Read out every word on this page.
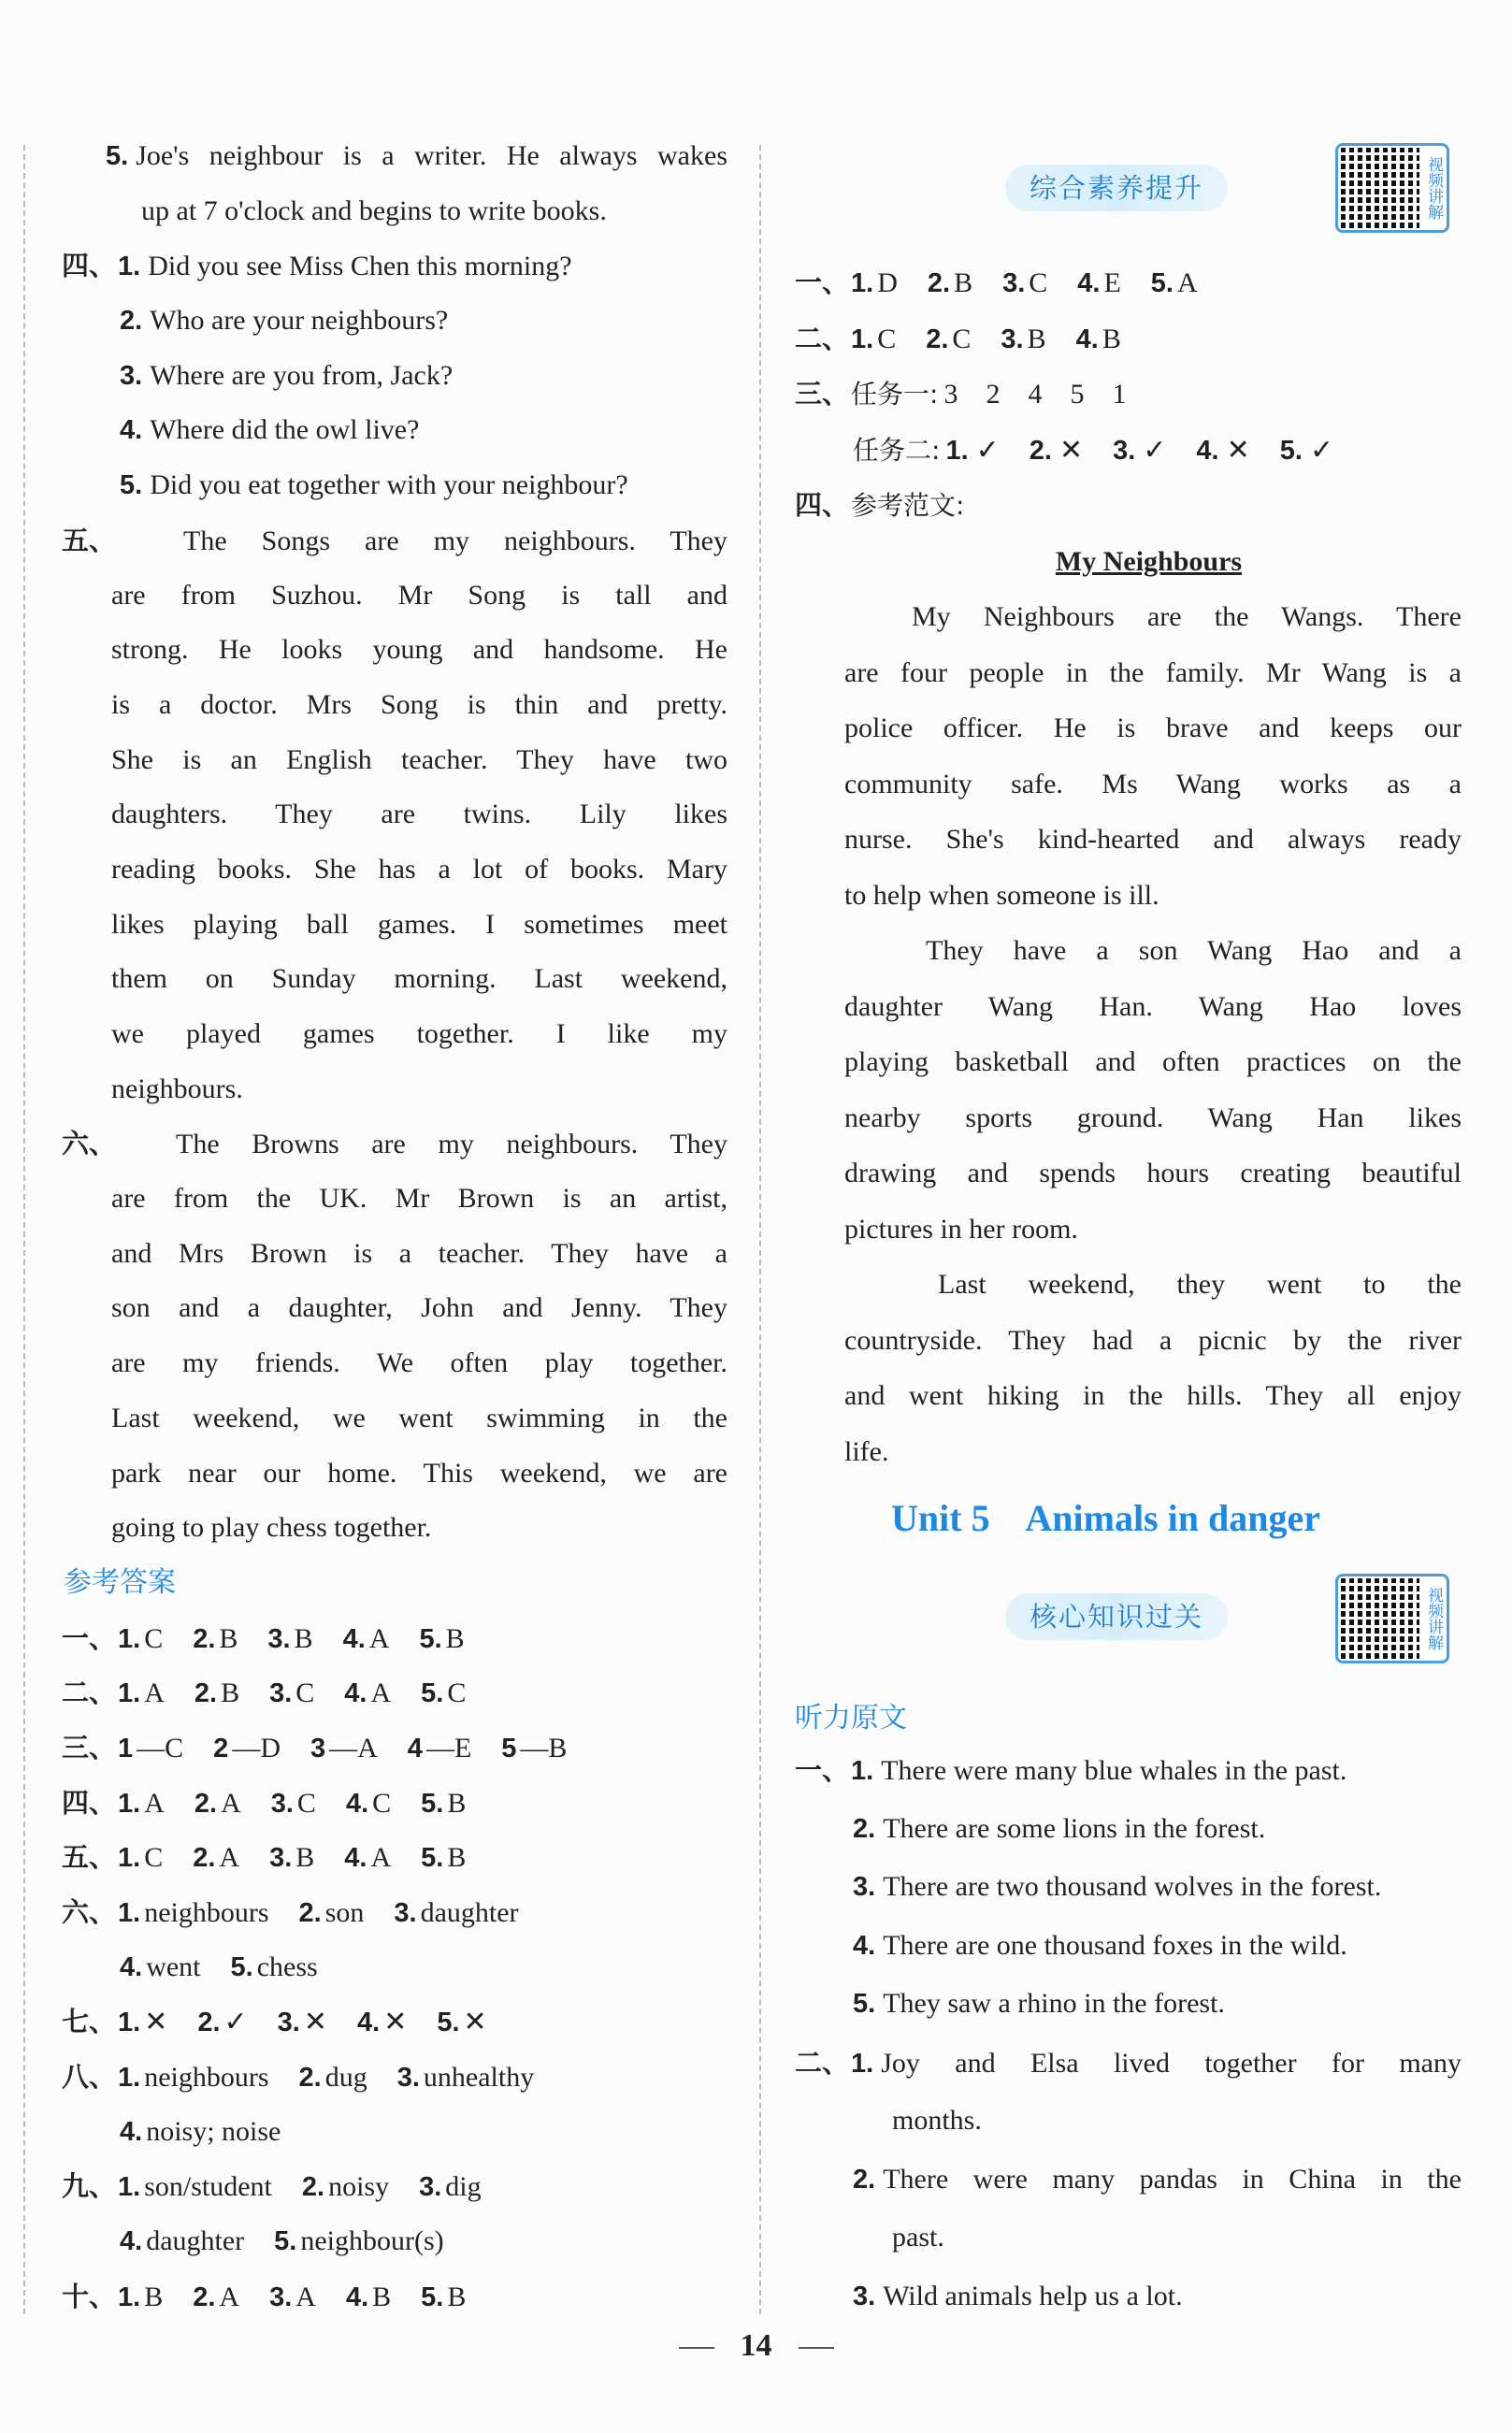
5. Joe's neighbour is a writer. He always wakes
up at 7 o'clock and begins to write books.
四、1. Did you see Miss Chen this morning?
2. Who are your neighbours?
3. Where are you from, Jack?
4. Where did the owl live?
5. Did you eat together with your neighbour?
五、 The Songs are my neighbours. They
are from Suzhou. Mr Song is tall and
strong. He looks young and handsome. He
is a doctor. Mrs Song is thin and pretty.
She is an English teacher. They have two
daughters. They are twins. Lily likes
reading books. She has a lot of books. Mary
likes playing ball games. I sometimes meet
them on Sunday morning. Last weekend,
we played games together. I like my
neighbours.
六、 The Browns are my neighbours. They
are from the UK. Mr Brown is an artist,
and Mrs Brown is a teacher. They have a
son and a daughter, John and Jenny. They
are my friends. We often play together.
Last weekend, we went swimming in the
park near our home. This weekend, we are
going to play chess together.
参考答案
一、1. C 2. B 3. B 4. A 5. B
二、1. A 2. B 3. C 4. A 5. C
三、1 —C 2 —D 3 —A 4 —E 5 —B
四、1. A 2. A 3. C 4. C 5. B
五、1. C 2. A 3. B 4. A 5. B
六、1. neighbours 2. son 3. daughter
4. went 5. chess
七、1. ✕ 2. ✓ 3. ✕ 4. ✕ 5. ✕
八、1. neighbours 2. dug 3. unhealthy
4. noisy; noise
九、1. son/student 2. noisy 3. dig
4. daughter 5. neighbour(s)
十、1. B 2. A 3. A 4. B 5. B
综合素养提升	视频讲解
一、1. D 2. B 3. C 4. E 5. A
二、1. C 2. C 3. B 4. B
三、任务一: 3　2　4　5　1
任务二: 1. ✓ 2. ✕ 3. ✓ 4. ✕ 5. ✓
四、参考范文:
My Neighbours
My Neighbours are the Wangs. There
are four people in the family. Mr Wang is a
police officer. He is brave and keeps our
community safe. Ms Wang works as a
nurse. She's kind-hearted and always ready
to help when someone is ill.
They have a son Wang Hao and a
daughter Wang Han. Wang Hao loves
playing basketball and often practices on the
nearby sports ground. Wang Han likes
drawing and spends hours creating beautiful
pictures in her room.
Last weekend, they went to the
countryside. They had a picnic by the river
and went hiking in the hills. They all enjoy
life.
Unit 5 Animals in danger
核心知识过关	视频讲解
听力原文
一、1. There were many blue whales in the past.
2. There are some lions in the forest.
3. There are two thousand wolves in the forest.
4. There are one thousand foxes in the wild.
5. They saw a rhino in the forest.
二、1. Joy and Elsa lived together for many
months.
2. There were many pandas in China in the
past.
3. Wild animals help us a lot.
14
